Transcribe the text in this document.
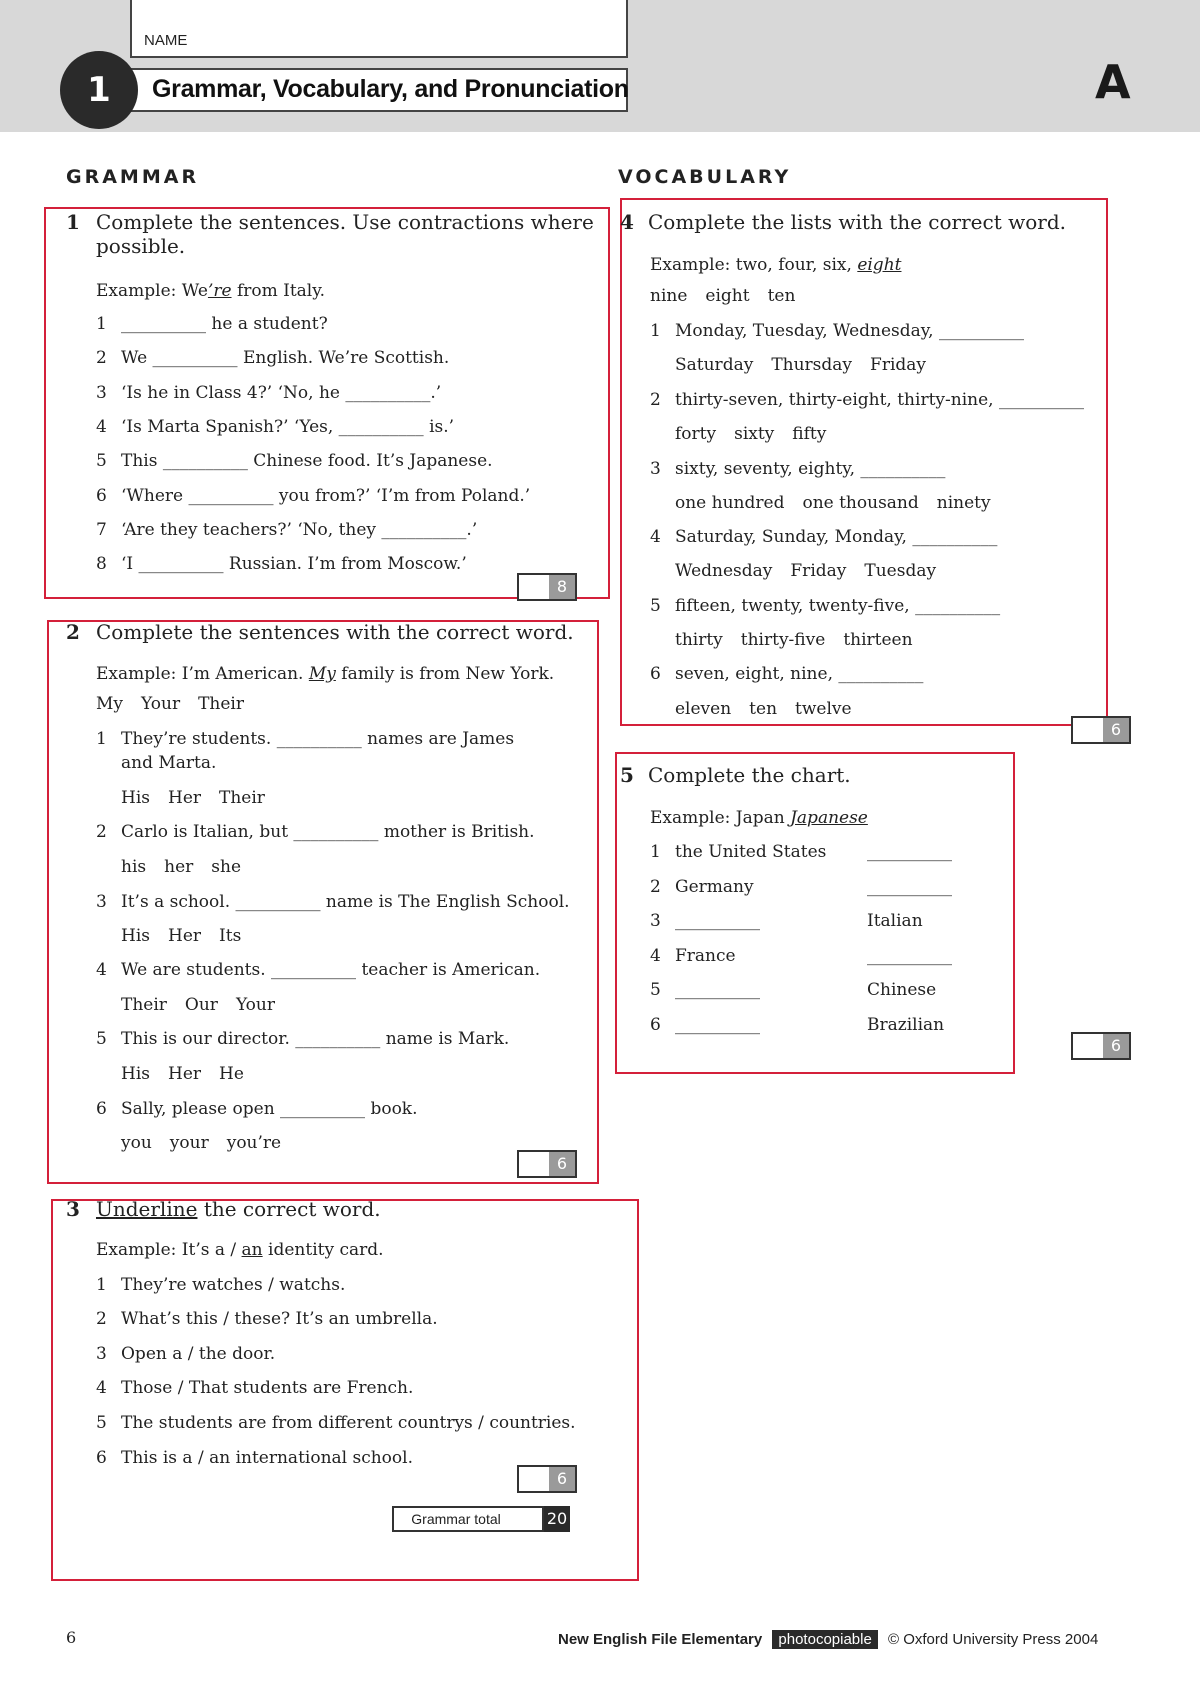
NAME
Grammar, Vocabulary, and Pronunciation
1	A
GRAMMAR	VOCABULARY
1 Complete the sentences. Use contractions where
possible.
Example: We’re from Italy.
1 __________ he a student?
2 We __________ English. We’re Scottish.
3 ‘Is he in Class 4?’ ‘No, he __________.’
4 ‘Is Marta Spanish?’ ‘Yes, __________ is.’
5 This __________ Chinese food. It’s Japanese.
6 ‘Where __________ you from?’ ‘I’m from Poland.’
7 ‘Are they teachers?’ ‘No, they __________.’
8 ‘I __________ Russian. I’m from Moscow.’
8
2 Complete the sentences with the correct word.
Example: I’m American. My family is from New York.
My Your Their
1 They’re students. __________ names are James
and Marta.
His Her Their
2 Carlo is Italian, but __________ mother is British.
his her she
3 It’s a school. __________ name is The English School.
His Her Its
4 We are students. __________ teacher is American.
Their Our Your
5 This is our director. __________ name is Mark.
His Her He
6 Sally, please open __________ book.
you your you’re
6
3 Underline the correct word.
Example: It’s a / an identity card.
1 They’re watches / watchs.
2 What’s this / these? It’s an umbrella.
3 Open a / the door.
4 Those / That students are French.
5 The students are from different countrys / countries.
6 This is a / an international school.
6
Grammar total	20
4 Complete the lists with the correct word.
Example: two, four, six, eight
nine eight ten
1 Monday, Tuesday, Wednesday, __________
Saturday Thursday Friday
2 thirty-seven, thirty-eight, thirty-nine, __________
forty sixty fifty
3 sixty, seventy, eighty, __________
one hundred one thousand ninety
4 Saturday, Sunday, Monday, __________
Wednesday Friday Tuesday
5 fifteen, twenty, twenty-five, __________
thirty thirty-five thirteen
6 seven, eight, nine, __________
eleven ten twelve
6
5 Complete the chart.
Example: Japan Japanese
1 the United States __________
2 Germany	__________
3 __________	Italian
4 France	__________
5 __________	Chinese
6 __________	Brazilian
6
6	New English File Elementary photocopiable © Oxford University Press 2004
